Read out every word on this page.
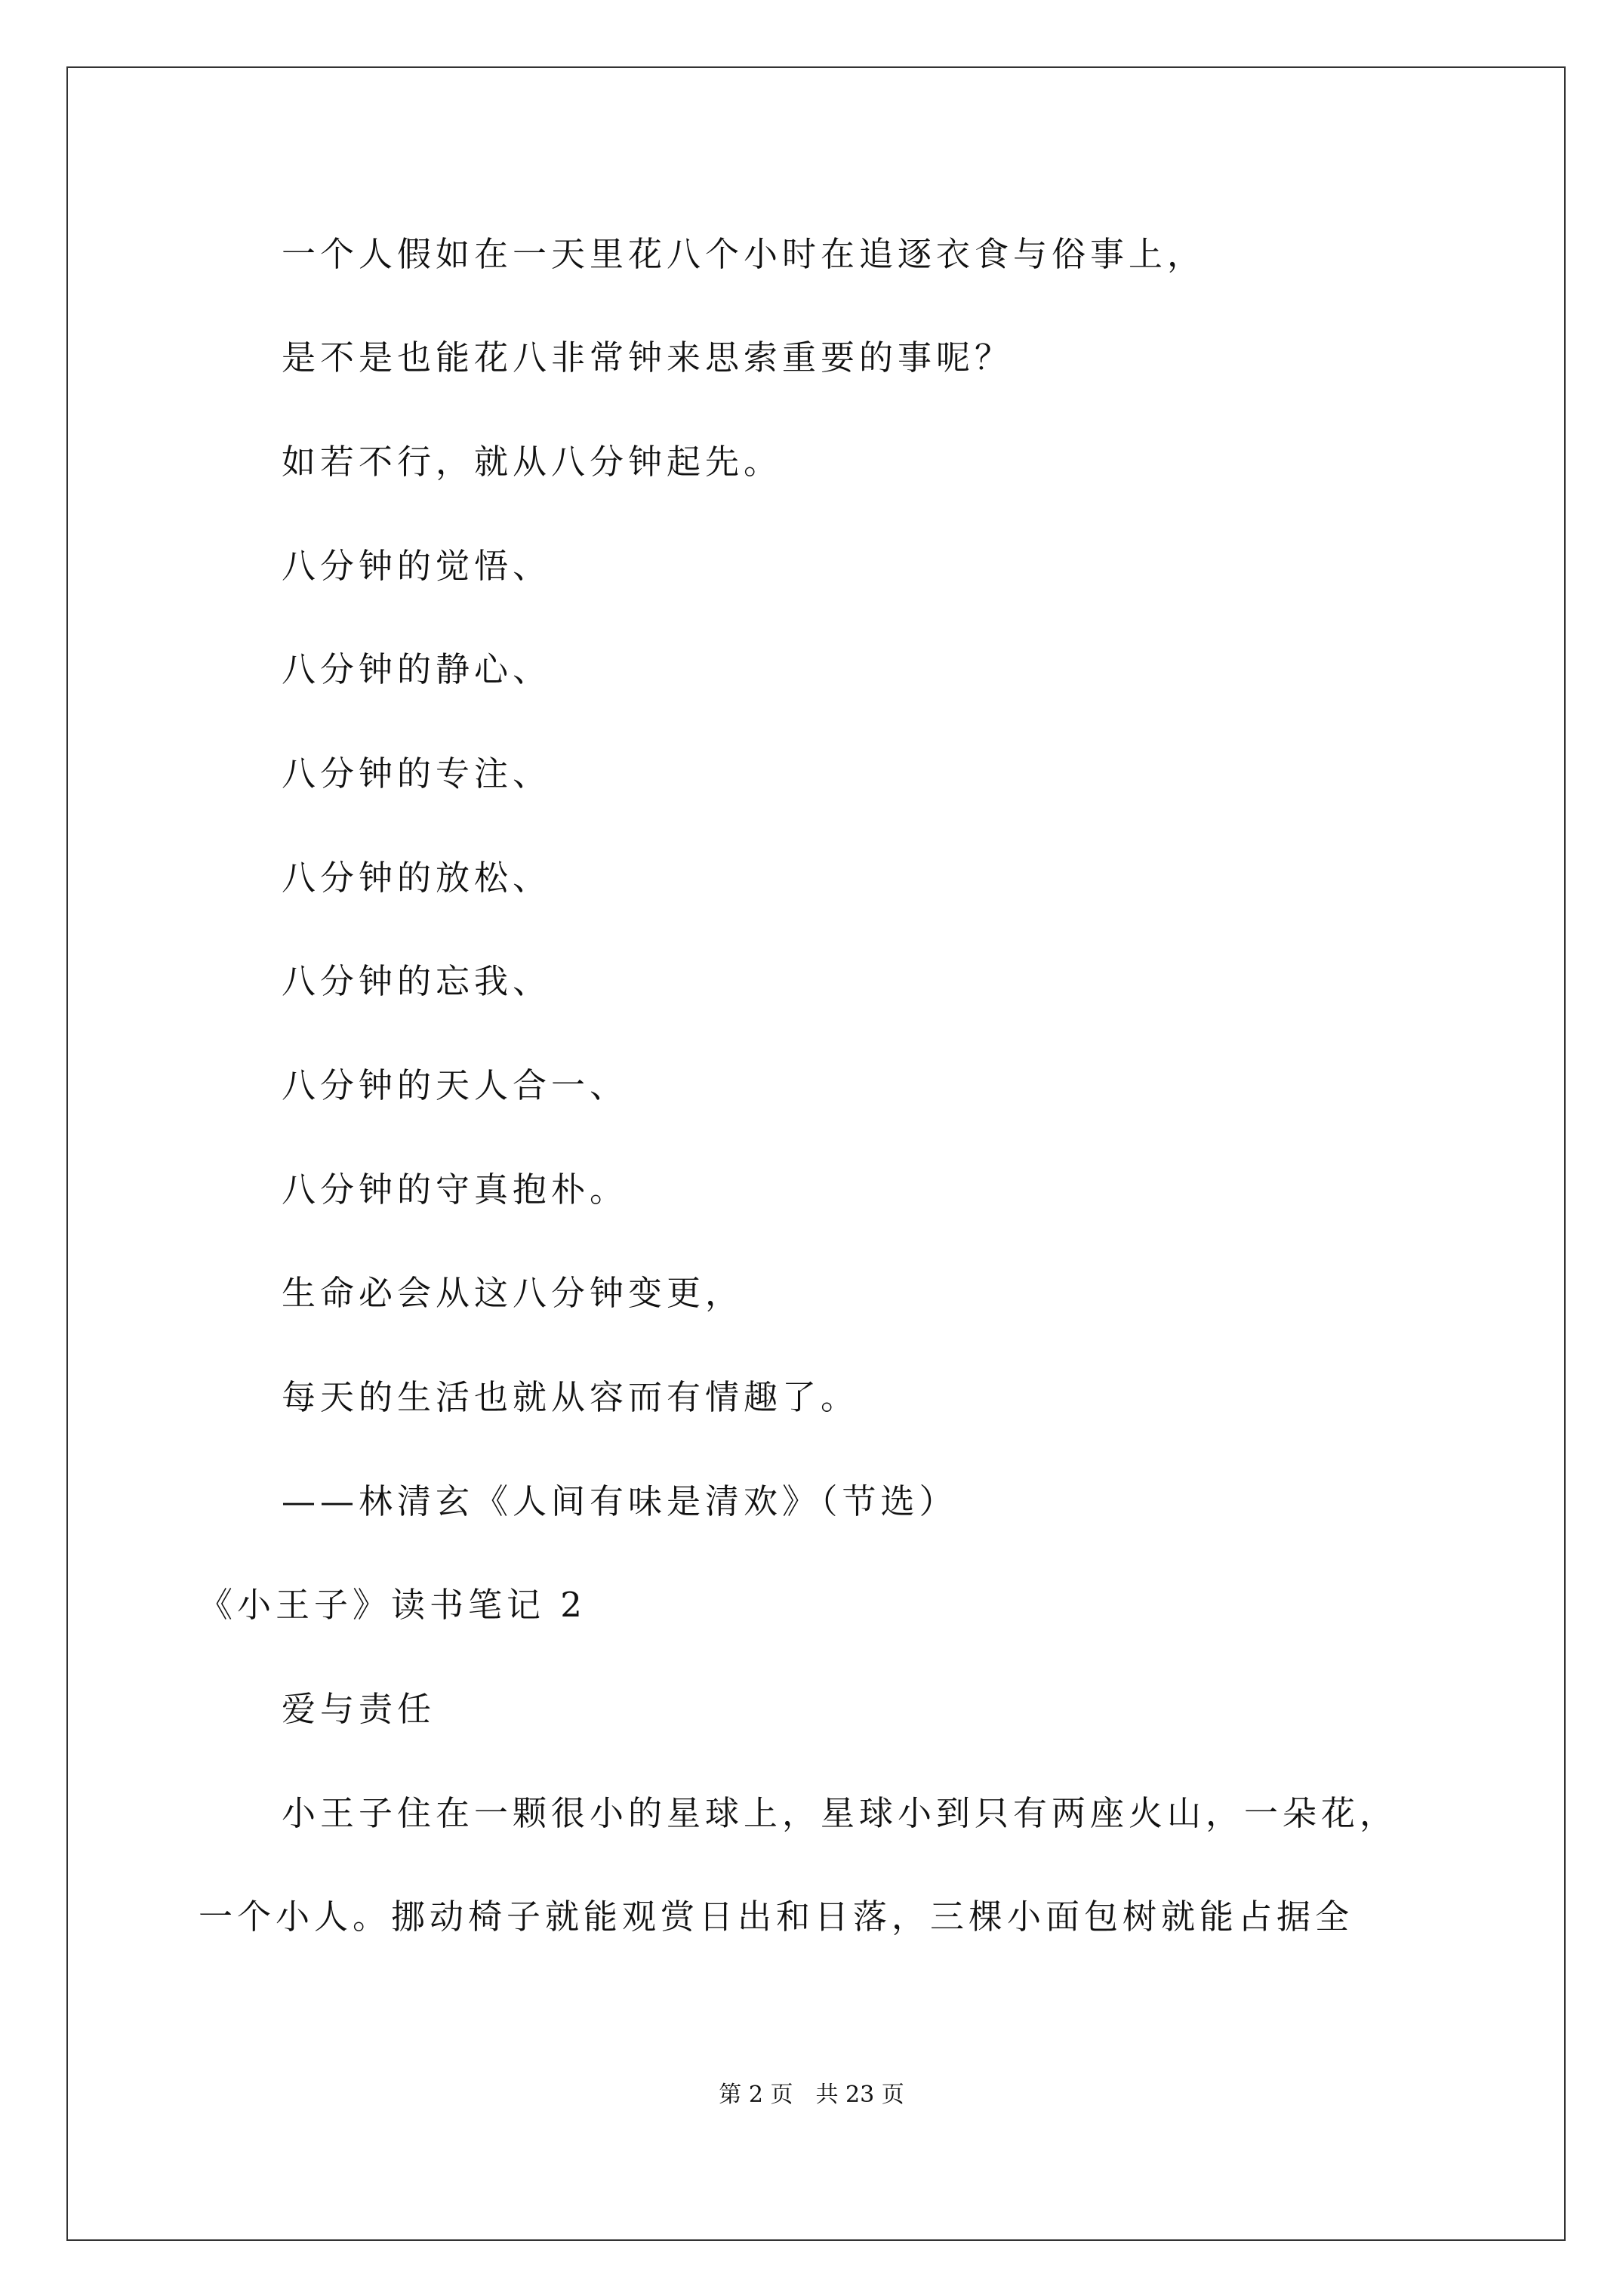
一个人假如在一天里花八个小时在追逐衣食与俗事上，
是不是也能花八非常钟来思索重要的事呢？
如若不行，就从八分钟起先。
八分钟的觉悟、
八分钟的静心、
八分钟的专注、
八分钟的放松、
八分钟的忘我、
八分钟的天人合一、
八分钟的守真抱朴。
生命必会从这八分钟变更，
每天的生活也就从容而有情趣了。
——林清玄《人间有味是清欢》（节选）
《小王子》读书笔记 2
爱与责任
小王子住在一颗很小的星球上，星球小到只有两座火山，一朵花，
一个小人。挪动椅子就能观赏日出和日落，三棵小面包树就能占据全
第 2 页 共 23 页
